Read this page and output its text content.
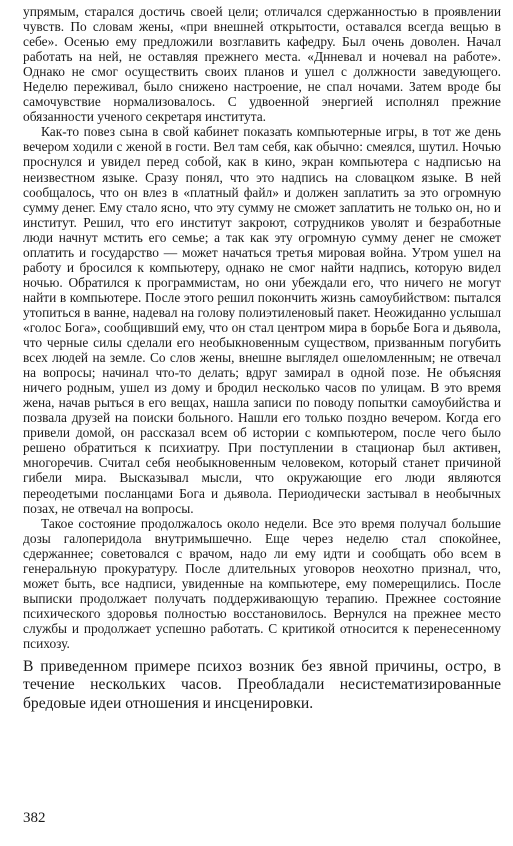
упрямым, старался достичь своей цели; отличался сдержанностью в проявлении чувств. По словам жены, «при внешней открытости, оставался всегда вещью в себе». Осенью ему предложили возглавить кафедру. Был очень доволен. Начал работать на ней, не оставляя прежнего места. «Днневал и ночевал на работе». Однако не смог осуществить своих планов и ушел с должности заведующего. Неделю переживал, было снижено настроение, не спал ночами. Затем вроде бы самочувствие нормализовалось. С удвоенной энергией исполнял прежние обязанности ученого секретаря института.

Как-то повез сына в свой кабинет показать компьютерные игры, в тот же день вечером ходили с женой в гости. Вел там себя, как обычно: смеялся, шутил. Ночью проснулся и увидел перед собой, как в кино, экран компьютера с надписью на неизвестном языке. Сразу понял, что это надпись на словацком языке. В ней сообщалось, что он влез в «платный файл» и должен заплатить за это огромную сумму денег. Ему стало ясно, что эту сумму не сможет заплатить не только он, но и институт. Решил, что его институт закроют, сотрудников уволят и безработные люди начнут мстить его семье; а так как эту огромную сумму денег не сможет оплатить и государство — может начаться третья мировая война. Утром ушел на работу и бросился к компьютеру, однако не смог найти надпись, которую видел ночью. Обратился к программистам, но они убеждали его, что ничего не могут найти в компьютере. После этого решил покончить жизнь самоубийством: пытался утопиться в ванне, надевал на голову полиэтиленовый пакет. Неожиданно услышал «голос Бога», сообщивший ему, что он стал центром мира в борьбе Бога и дьявола, что черные силы сделали его необыкновенным существом, призванным погубить всех людей на земле. Со слов жены, внешне выглядел ошеломленным; не отвечал на вопросы; начинал что-то делать; вдруг замирал в одной позе. Не объясняя ничего родным, ушел из дому и бродил несколько часов по улицам. В это время жена, начав рыться в его вещах, нашла записи по поводу попытки самоубийства и позвала друзей на поиски больного. Нашли его только поздно вечером. Когда его привели домой, он рассказал всем об истории с компьютером, после чего было решено обратиться к психиатру. При поступлении в стационар был активен, многоречив. Считал себя необыкновенным человеком, который станет причиной гибели мира. Высказывал мысли, что окружающие его люди являются переодетыми посланцами Бога и дьявола. Периодически застывал в необычных позах, не отвечал на вопросы.

Такое состояние продолжалось около недели. Все это время получал большие дозы галоперидола внутримышечно. Еще через неделю стал спокойнее, сдержаннее; советовался с врачом, надо ли ему идти и сообщать обо всем в генеральную прокуратуру. После длительных уговоров неохотно признал, что, может быть, все надписи, увиденные на компьютере, ему померещились. После выписки продолжает получать поддерживающую терапию. Прежнее состояние психического здоровья полностью восстановилось. Вернулся на прежнее место службы и продолжает успешно работать. С критикой относится к перенесенному психозу.

В приведенном примере психоз возник без явной причины, остро, в течение нескольких часов. Преобладали несистематизированные бредовые идеи отношения и инсценировки.

382
